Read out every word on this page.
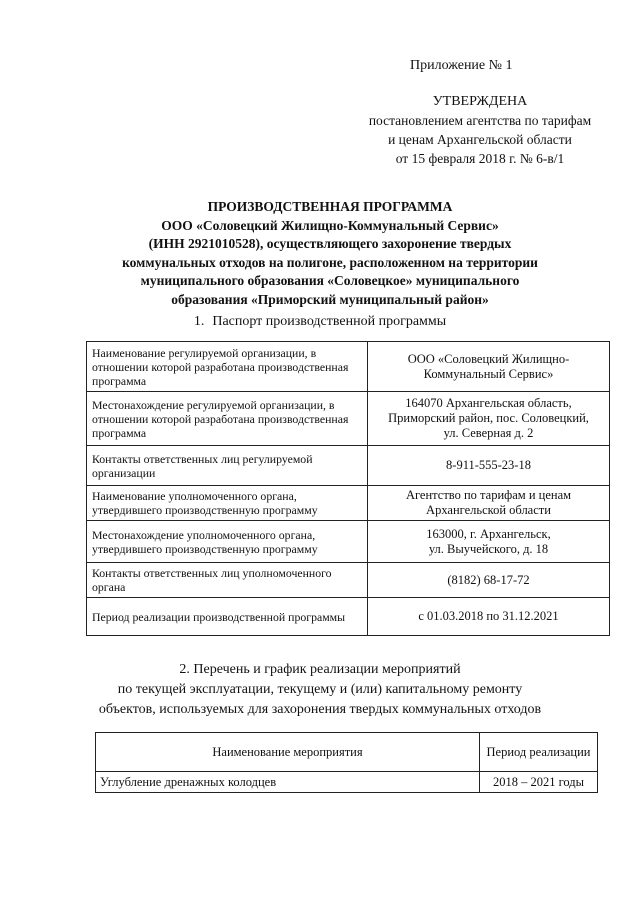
Приложение № 1
УТВЕРЖДЕНА
постановлением агентства по тарифам
и ценам Архангельской области
от 15 февраля 2018 г. № 6-в/1
ПРОИЗВОДСТВЕННАЯ ПРОГРАММА
ООО «Соловецкий Жилищно-Коммунальный Сервис»
(ИНН 2921010528), осуществляющего захоронение твердых
коммунальных отходов на полигоне, расположенном на территории
муниципального образования «Соловецкое» муниципального
образования «Приморский муниципальный район»
1. Паспорт производственной программы
Наименование регулируемой организации, в отношении которой разработана производственная программа	ООО «Соловецкий Жилищно-
Коммунальный Сервис»

Местонахождение регулируемой организации, в отношении которой разработана производственная программа	164070 Архангельская область,
Приморский район, пос. Соловецкий,
ул. Северная д. 2

Контакты ответственных лиц регулируемой организации	8-911-555-23-18

Наименование уполномоченного органа, утвердившего производственную программу	Агентство по тарифам и ценам
Архангельской области

Местонахождение уполномоченного органа, утвердившего производственную программу	163000, г. Архангельск,
ул. Выучейского, д. 18

Контакты ответственных лиц уполномоченного органа	(8182) 68-17-72

Период реализации производственной программы	с 01.03.2018 по 31.12.2021
2. Перечень и график реализации мероприятий
по текущей эксплуатации, текущему и (или) капитальному ремонту
объектов, используемых для захоронения твердых коммунальных отходов
Наименование мероприятия	Период реализации
Углубление дренажных колодцев	2018 – 2021 годы
